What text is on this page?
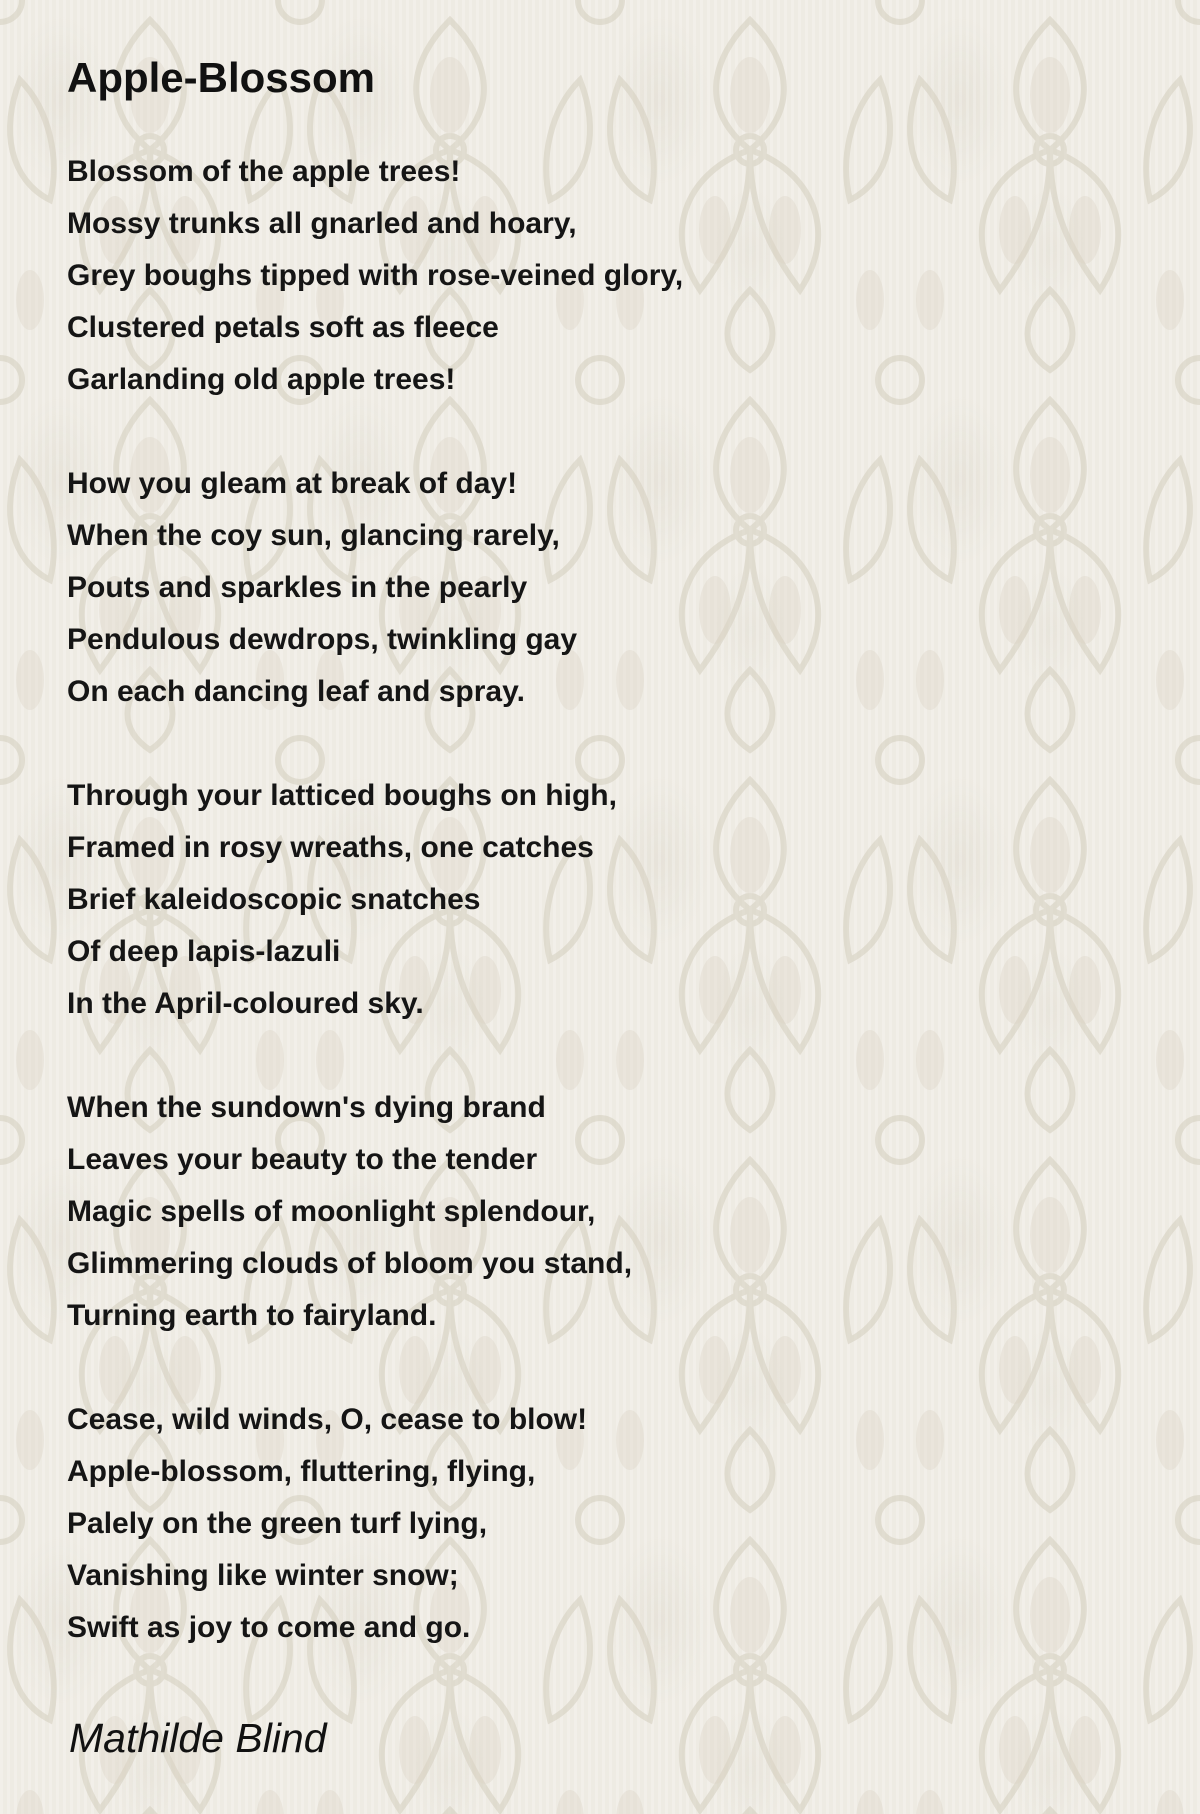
Apple-Blossom
Blossom of the apple trees!
Mossy trunks all gnarled and hoary,
Grey boughs tipped with rose-veined glory,
Clustered petals soft as fleece
Garlanding old apple trees!
How you gleam at break of day!
When the coy sun, glancing rarely,
Pouts and sparkles in the pearly
Pendulous dewdrops, twinkling gay
On each dancing leaf and spray.
Through your latticed boughs on high,
Framed in rosy wreaths, one catches
Brief kaleidoscopic snatches
Of deep lapis-lazuli
In the April-coloured sky.
When the sundown's dying brand
Leaves your beauty to the tender
Magic spells of moonlight splendour,
Glimmering clouds of bloom you stand,
Turning earth to fairyland.
Cease, wild winds, O, cease to blow!
Apple-blossom, fluttering, flying,
Palely on the green turf lying,
Vanishing like winter snow;
Swift as joy to come and go.
Mathilde Blind
